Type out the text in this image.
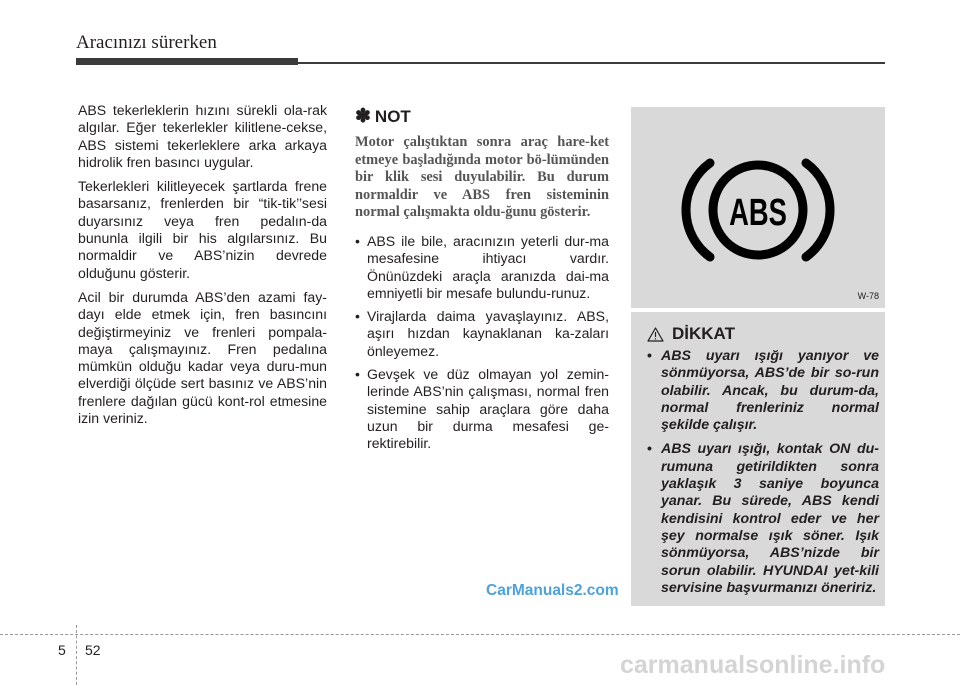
Aracınızı sürerken

ABS tekerleklerin hızını sürekli ola-rak algılar. Eğer tekerlekler kilitlene-cekse, ABS sistemi tekerleklere arka arkaya hidrolik fren basıncı uygular.

Tekerlekleri kilitleyecek şartlarda frene basarsanız, frenlerden bir “tik-tik’’sesi duyarsınız veya fren pedalın-da bununla ilgili bir his algılarsınız. Bu normaldir ve ABS’nizin devrede olduğunu gösterir.

Acil bir durumda ABS’den azami fay-dayı elde etmek için, fren basıncını değiştirmeyiniz ve frenleri pompala-maya çalışmayınız. Fren pedalına mümkün olduğu kadar veya duru-mun elverdiği ölçüde sert basınız ve ABS’nin frenlere dağılan gücü kont-rol etmesine izin veriniz.

✽ NOT
Motor çalıştıktan sonra araç hare-ket etmeye başladığında motor bö-lümünden bir klik sesi duyulabilir. Bu durum normaldir ve ABS fren sisteminin normal çalışmakta oldu-ğunu gösterir.
• ABS ile bile, aracınızın yeterli dur-ma mesafesine ihtiyacı vardır. Önünüzdeki araçla aranızda dai-ma emniyetli bir mesafe bulundu-runuz.
• Virajlarda daima yavaşlayınız. ABS, aşırı hızdan kaynaklanan ka-zaları önleyemez.
• Gevşek ve düz olmayan yol zemin-lerinde ABS’nin çalışması, normal fren sistemine sahip araçlara göre daha uzun bir durma mesafesi ge-rektirebilir.
ABS
W-78
DİKKAT
• ABS uyarı ışığı yanıyor ve sönmüyorsa, ABS’de bir so-run olabilir. Ancak, bu durum-da, normal frenleriniz normal şekilde çalışır.
• ABS uyarı ışığı, kontak ON du-rumuna getirildikten sonra yaklaşık 3 saniye boyunca yanar. Bu sürede, ABS kendi kendisini kontrol eder ve her şey normalse ışık söner. Işık sönmüyorsa, ABS’nizde bir sorun olabilir. HYUNDAI yet-kili servisine başvurmanızı öneririz.
CarManuals2.com
carmanualsonline.info
5 52
